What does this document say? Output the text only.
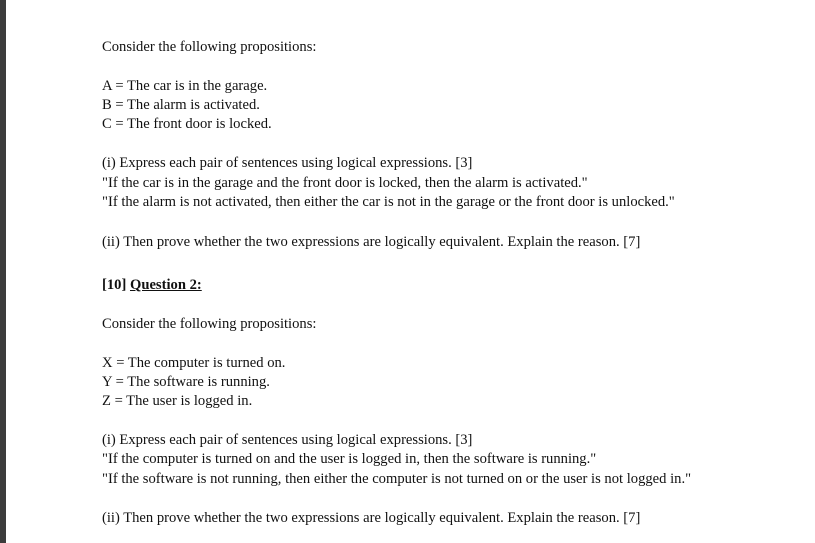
Consider the following propositions:
A = The car is in the garage.
B = The alarm is activated.
C = The front door is locked.
(i) Express each pair of sentences using logical expressions. [3]
"If the car is in the garage and the front door is locked, then the alarm is activated."
"If the alarm is not activated, then either the car is not in the garage or the front door is unlocked."
(ii) Then prove whether the two expressions are logically equivalent. Explain the reason. [7]
[10] Question 2:
Consider the following propositions:
X = The computer is turned on.
Y = The software is running.
Z = The user is logged in.
(i) Express each pair of sentences using logical expressions. [3]
"If the computer is turned on and the user is logged in, then the software is running."
"If the software is not running, then either the computer is not turned on or the user is not logged in."
(ii) Then prove whether the two expressions are logically equivalent. Explain the reason. [7]
